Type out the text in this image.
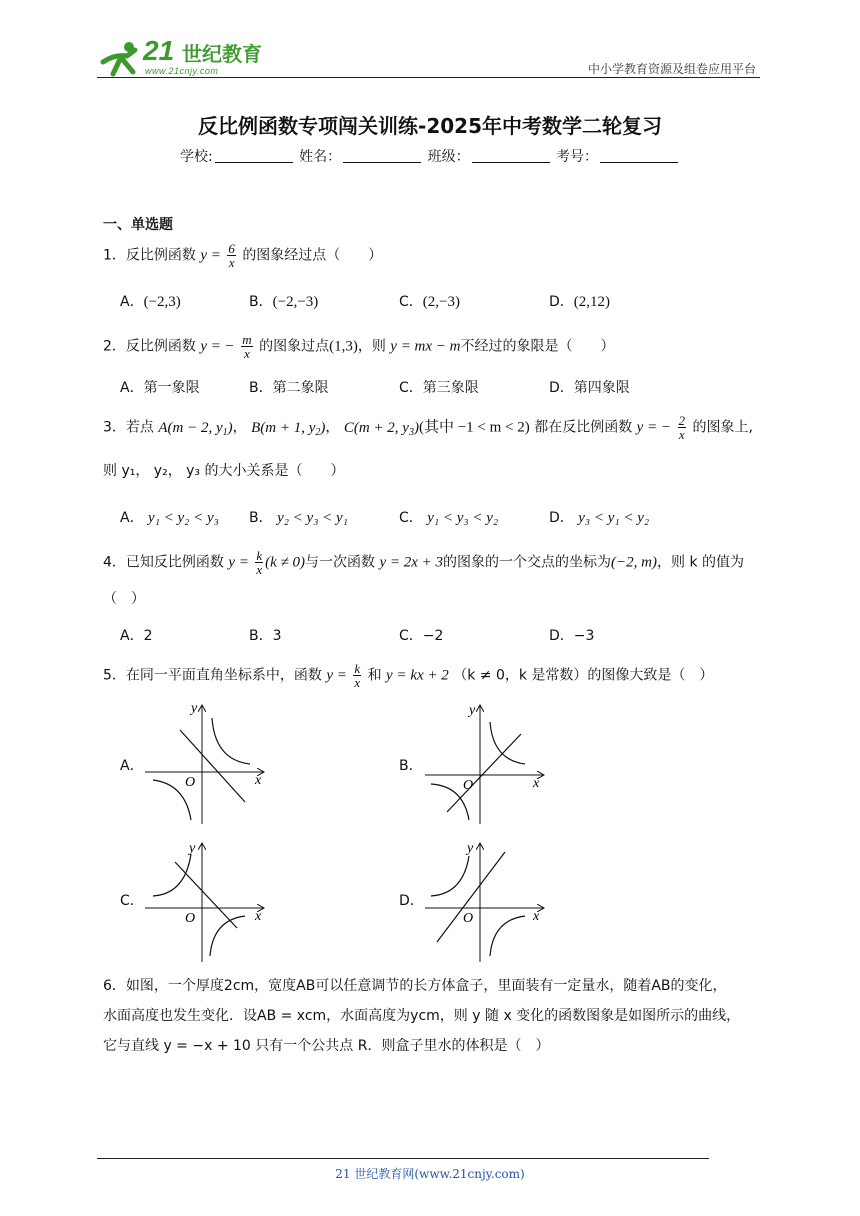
21 世纪教育
www.21cnjy.com	中小学教育资源及组卷应用平台
反比例函数专项闯关训练-2025年中考数学二轮复习
学校:	姓名：	班级：	考号：
一、单选题
1．反比例函数 $y = \frac{6}{x}$ 的图象经过点（　　）
A．(−2,3)	B．(−2,−3)	C．(2,−3)	D．(2,12)
2．反比例函数 y = − $\frac{m}{x}$ 的图象过点(1,3)，则 y = mx − m不经过的象限是（　　）
A．第一象限	B．第二象限	C．第三象限	D．第四象限
3．若点 A(m − 2, $y_1$)， B(m + 1, $y_2$)， C(m + 2, $y_3$)(其中 −1 < m < 2) 都在反比例函数 y = − $\frac{2}{x}$ 的图象上,
则 y₁， y₂， y₃ 的大小关系是（　　）
A． y₁ < y₂ < y₃ B． y₂ < y₃ < y₁	C． y₁ < y₃ < y₂	D． y₃ < y₁ < y₂
4．已知反比例函数 $y = \frac{k}{x} (k \ne 0)$与一次函数 y = 2x + 3的图象的一个交点的坐标为(−2, m)，则 k 的值为
（　）
A．2	B．3	C．−2	D．−3
5．在同一平面直角坐标系中，函数 $y = \frac{k}{x}$ 和 y = kx + 2 （k ≠ 0，k 是常数）的图像大致是（　）
A．
y
x
O
B．
y
x
O
C．
y
x
O
D．
y
x
O
6．如图，一个厚度2cm，宽度AB可以任意调节的长方体盒子，里面装有一定量水，随着AB的变化，
水面高度也发生变化．设AB = xcm，水面高度为ycm，则 y 随 x 变化的函数图象是如图所示的曲线，
它与直线 y = −x + 10 只有一个公共点 R．则盒子里水的体积是（　）
21 世纪教育网(www.21cnjy.com)
